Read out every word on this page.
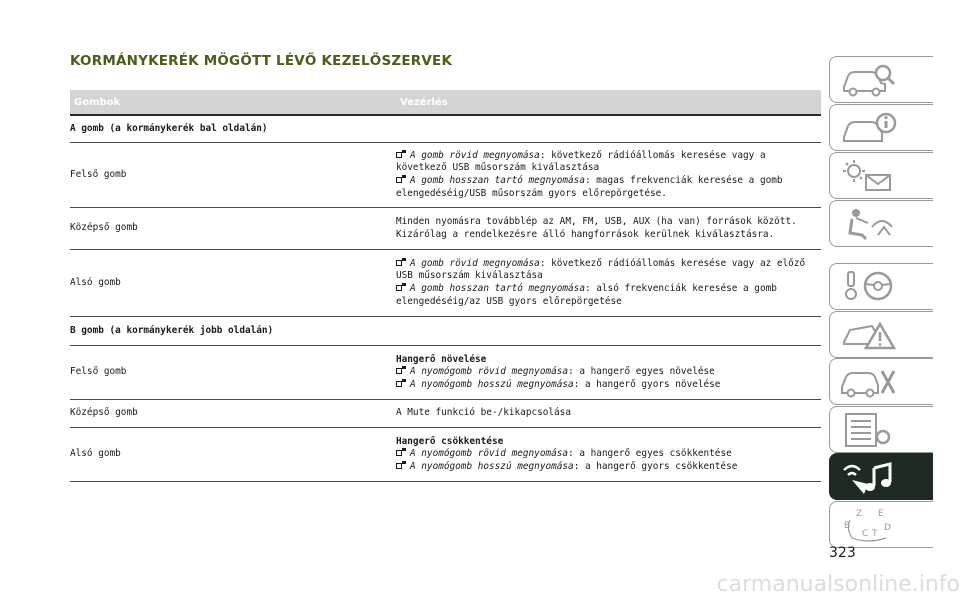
KORMÁNYKERÉK MÖGÖTT LÉVŐ KEZELŐSZERVEK
Gombok	Vezérlés
A gomb (a kormánykerék bal oldalán)
Felső gomb
A gomb rövid megnyomása: következő rádióállomás keresése vagy a következő USB műsorszám kiválasztása
A gomb hosszan tartó megnyomása: magas frekvenciák keresése a gomb elengedéséig/USB műsorszám gyors előrepörgetése.
Középső gomb
Minden nyomásra továbblép az AM, FM, USB, AUX (ha van) források között. Kizárólag a rendelkezésre álló hangforrások kerülnek kiválasztásra.
Alsó gomb
A gomb rövid megnyomása: következő rádióállomás keresése vagy az előző USB műsorszám kiválasztása
A gomb hosszan tartó megnyomása: alsó frekvenciák keresése a gomb elengedéséig/az USB gyors előrepörgetése
B gomb (a kormánykerék jobb oldalán)
Felső gomb
Hangerő növelése
A nyomógomb rövid megnyomása: a hangerő egyes növelése
A nyomógomb hosszú megnyomása: a hangerő gyors növelése
Középső gomb	A Mute funkció be-/kikapcsolása
Alsó gomb
Hangerő csökkentése
A nyomógomb rövid megnyomása: a hangerő egyes csökkentése
A nyomógomb hosszú megnyomása: a hangerő gyors csökkentése
Z E
B
C T
D
323
carmanualsonline.info
